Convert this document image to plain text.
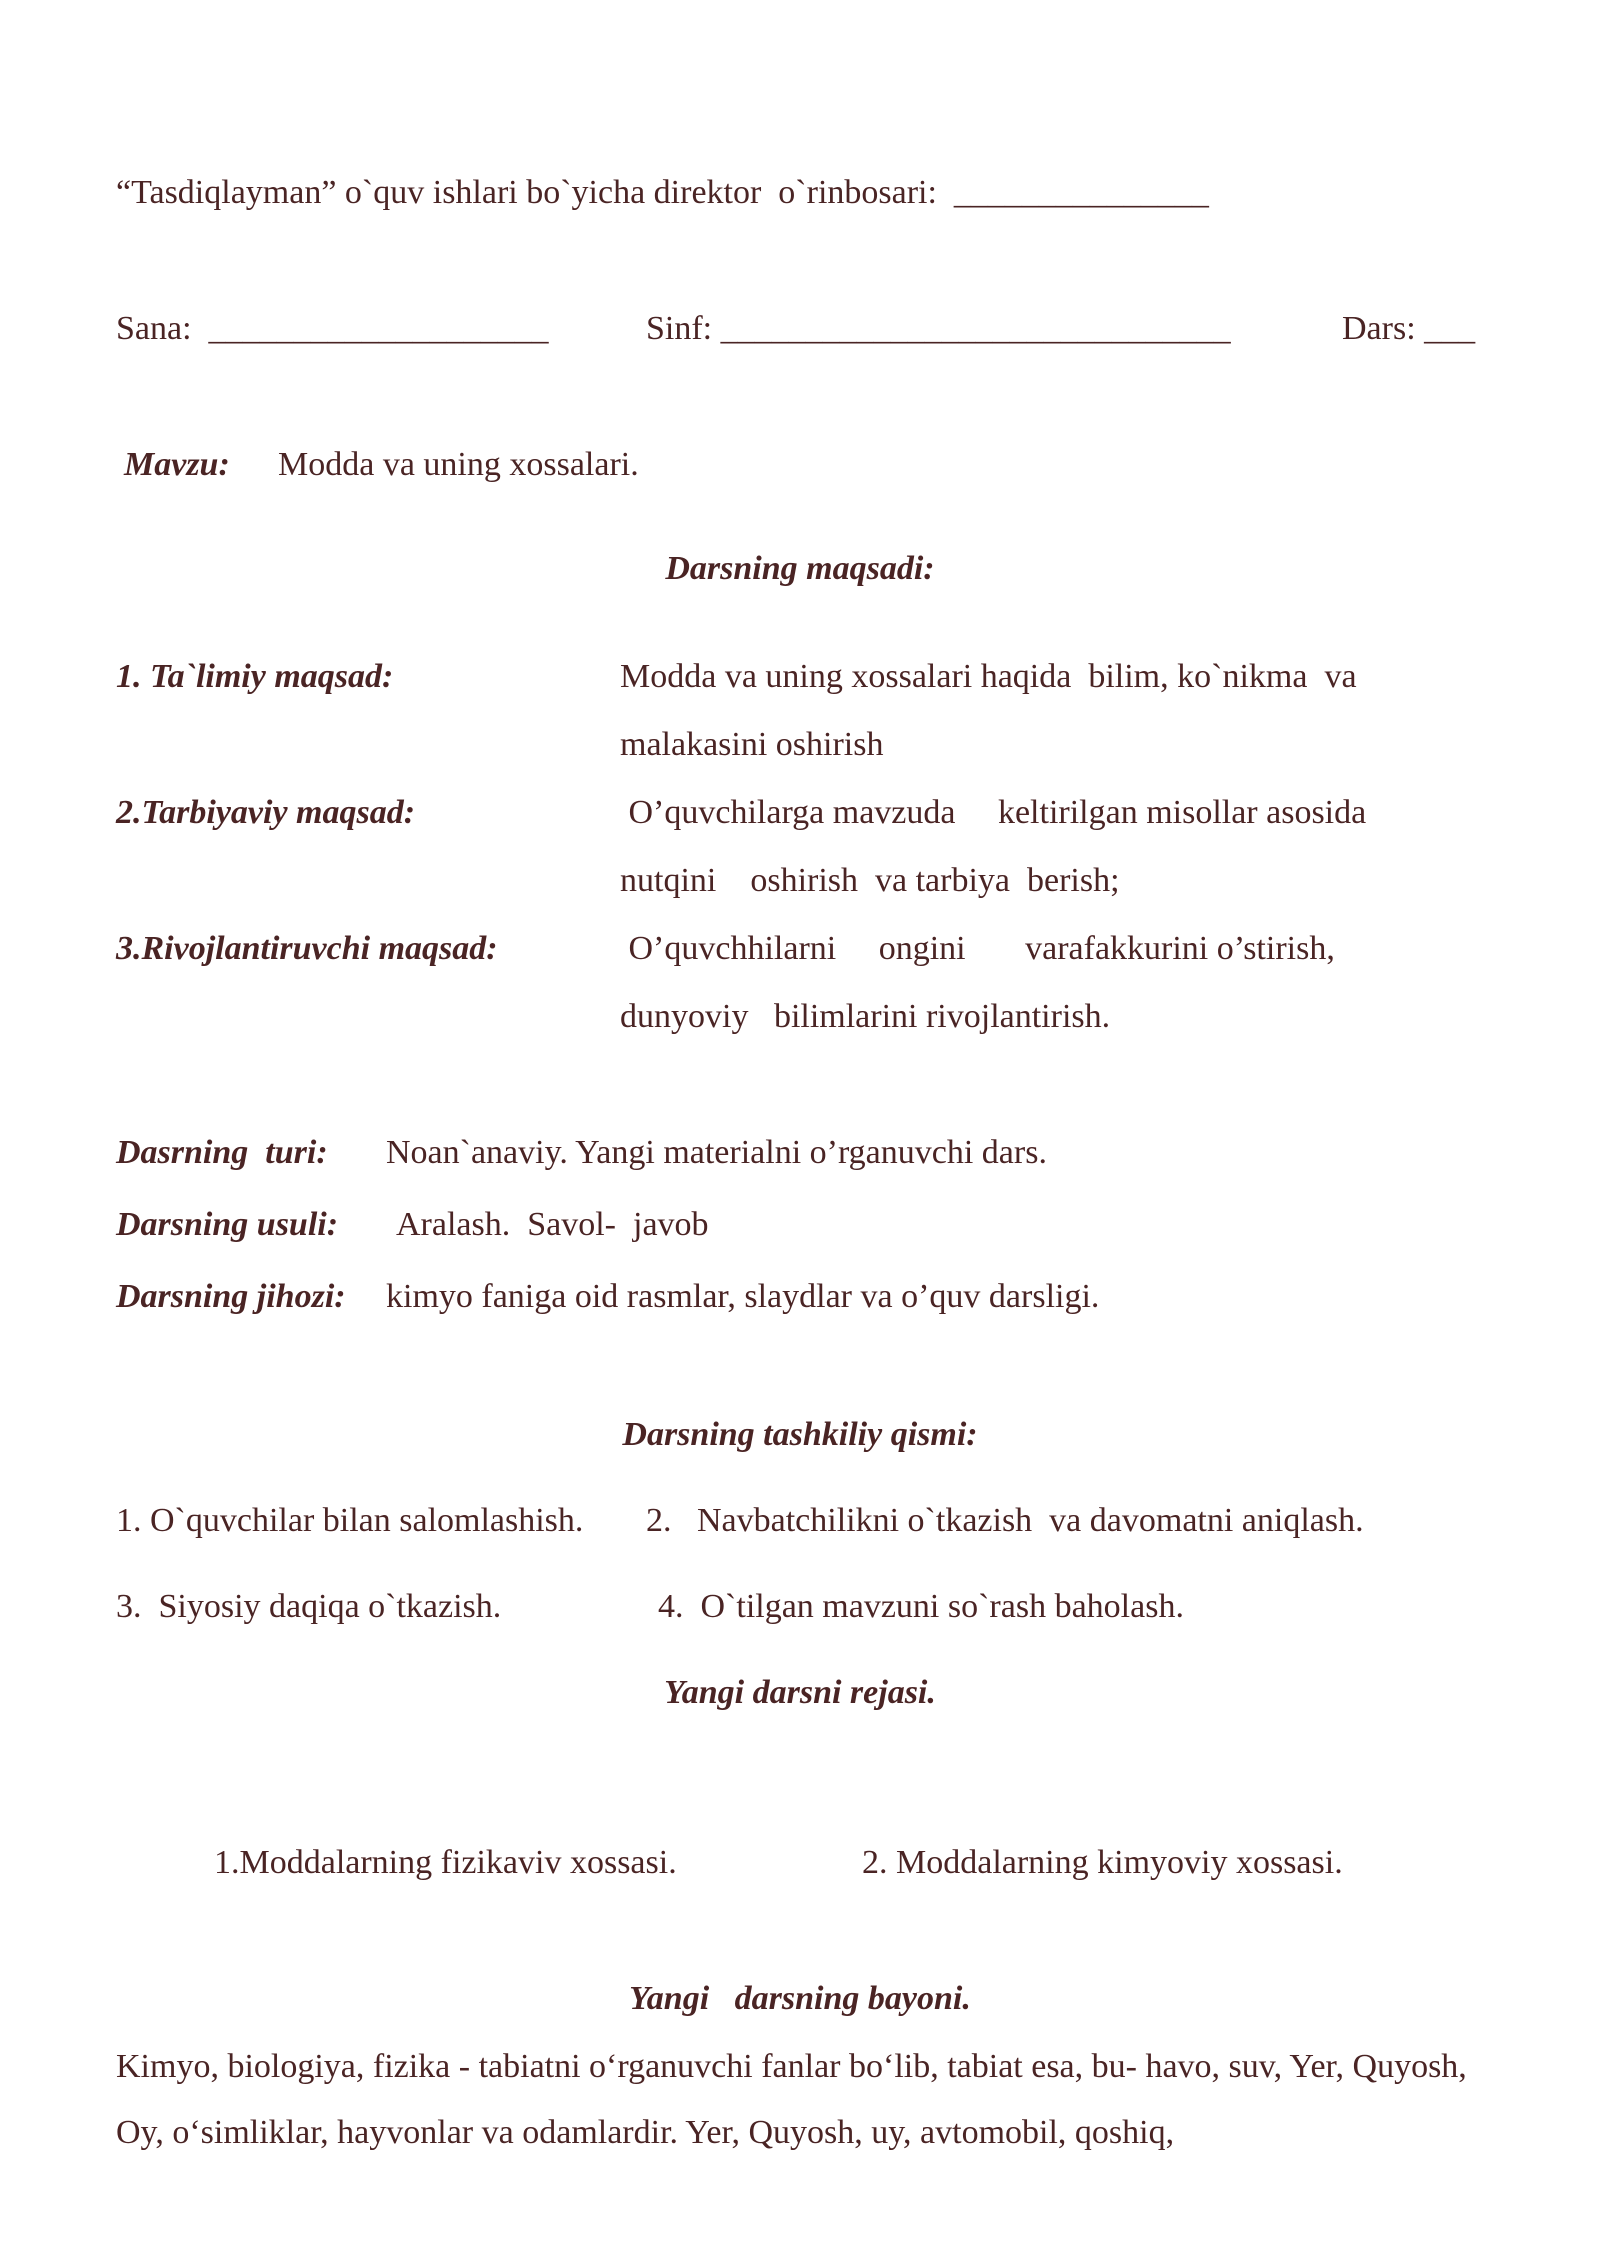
“Tasdiqlayman” o`quv ishlari bo`yicha direktor  o`rinbosari:  _______________
Sana:  ____________________	Sinf: ______________________________	Dars: ___
Mavzu: Modda va uning xossalari.
Darsning maqsadi:
1. Ta`limiy maqsad:	Modda va uning xossalari haqida  bilim, ko`nikma  va
malakasini oshirish
2.Tarbiyaviy maqsad:	O’quvchilarga mavzuda     keltirilgan misollar asosida
nutqini    oshirish  va tarbiya  berish;
3.Rivojlantiruvchi maqsad:	O’quvchhilarni     ongini       varafakkurini o’stirish,
dunyoviy   bilimlarini rivojlantirish.
Dasrning  turi: Noan`anaviy. Yangi materialni o’rganuvchi dars.
Darsning usuli: Aralash.  Savol-  javob
Darsning jihozi: kimyo faniga oid rasmlar, slaydlar va o’quv darsligi.
Darsning tashkiliy qismi:
1. O`quvchilar bilan salomlashish. 2.   Navbatchilikni o`tkazish  va davomatni aniqlash.
3.  Siyosiy daqiqa o`tkazish.	4.  O`tilgan mavzuni so`rash baholash.
Yangi darsni rejasi.
1.Moddalarning fizikaviv xossasi.	2. Moddalarning kimyoviy xossasi.
Yangi   darsning bayoni.
Kimyo, biologiya, fizika - tabiatni o‘rganuvchi fanlar bo‘lib, tabiat esa, bu- havo, suv, Yer, Quyosh, Oy, o‘simliklar, hayvonlar va odamlardir. Yer, Quyosh, uy, avtomobil, qoshiq,
